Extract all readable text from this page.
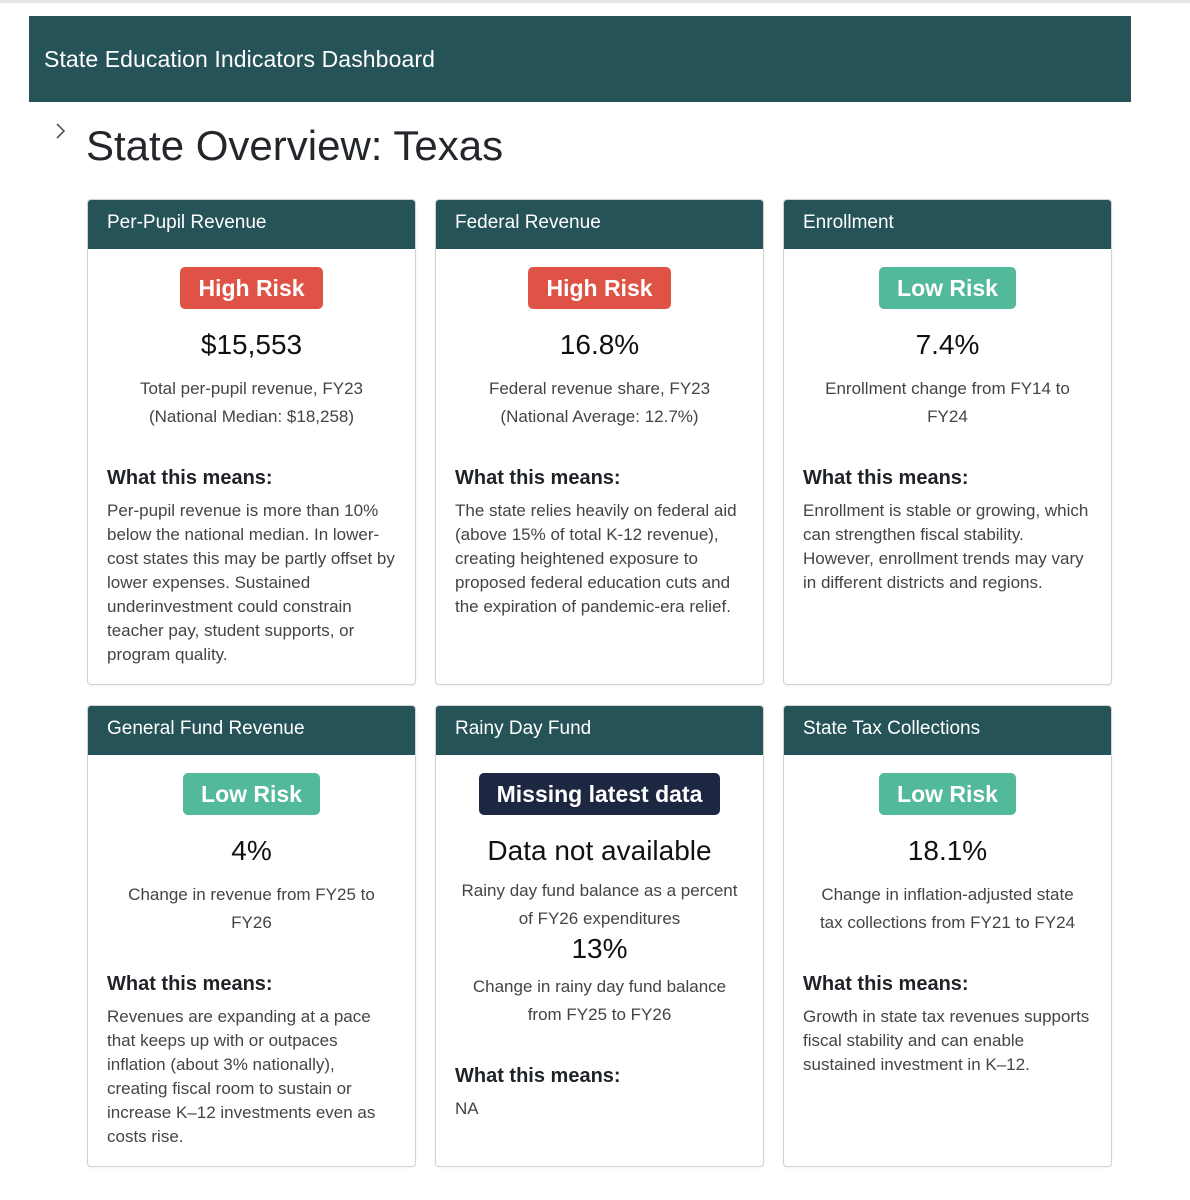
State Education Indicators Dashboard
State Overview: Texas
Per-Pupil Revenue
High Risk
$15,553
Total per-pupil revenue, FY23 (National Median: $18,258)
What this means:
Per-pupil revenue is more than 10% below the national median. In lower-cost states this may be partly offset by lower expenses. Sustained underinvestment could constrain teacher pay, student supports, or program quality.
Federal Revenue
High Risk
16.8%
Federal revenue share, FY23 (National Average: 12.7%)
What this means:
The state relies heavily on federal aid (above 15% of total K-12 revenue), creating heightened exposure to proposed federal education cuts and the expiration of pandemic-era relief.
Enrollment
Low Risk
7.4%
Enrollment change from FY14 to FY24
What this means:
Enrollment is stable or growing, which can strengthen fiscal stability. However, enrollment trends may vary in different districts and regions.
General Fund Revenue
Low Risk
4%
Change in revenue from FY25 to FY26
What this means:
Revenues are expanding at a pace that keeps up with or outpaces inflation (about 3% nationally), creating fiscal room to sustain or increase K–12 investments even as costs rise.
Rainy Day Fund
Missing latest data
Data not available
Rainy day fund balance as a percent of FY26 expenditures
13%
Change in rainy day fund balance from FY25 to FY26
What this means:
NA
State Tax Collections
Low Risk
18.1%
Change in inflation-adjusted state tax collections from FY21 to FY24
What this means:
Growth in state tax revenues supports fiscal stability and can enable sustained investment in K–12.
